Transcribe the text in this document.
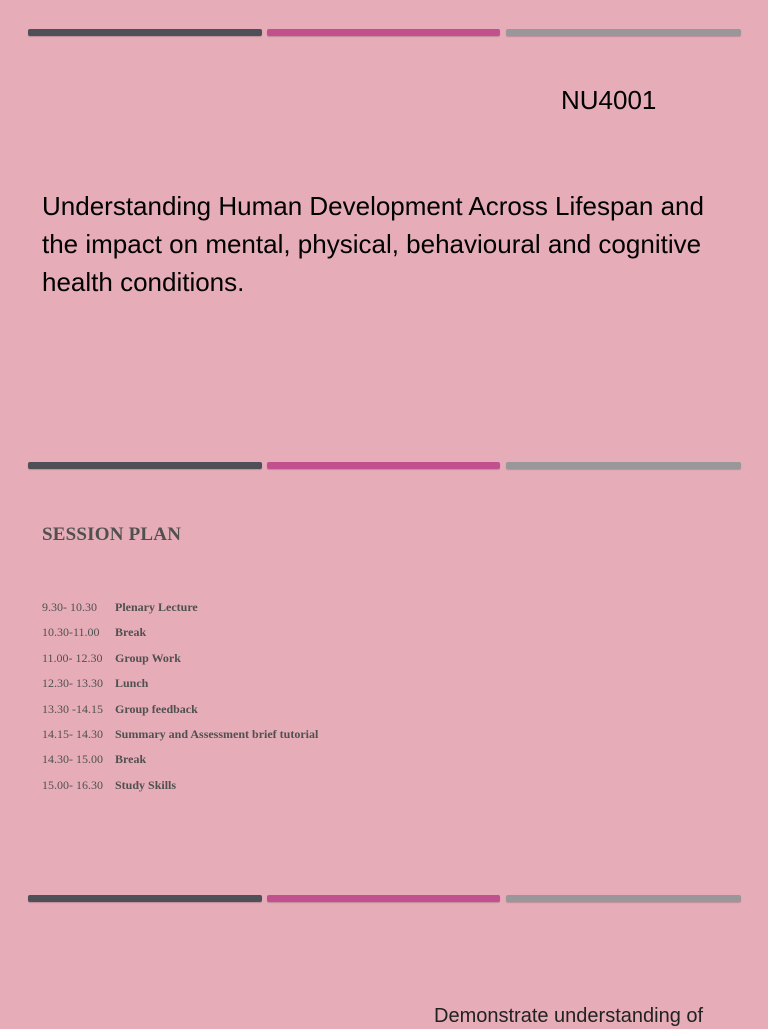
NU4001
Understanding Human Development Across Lifespan and the impact on mental, physical, behavioural and cognitive health conditions.
SESSION PLAN
9.30- 10.30 Plenary Lecture
10.30-11.00 Break
11.00- 12.30 Group Work
12.30- 13.30 Lunch
13.30 -14.15 Group feedback
14.15- 14.30 Summary and Assessment brief tutorial
14.30- 15.00 Break
15.00- 16.30 Study Skills

Demonstrate understanding of
